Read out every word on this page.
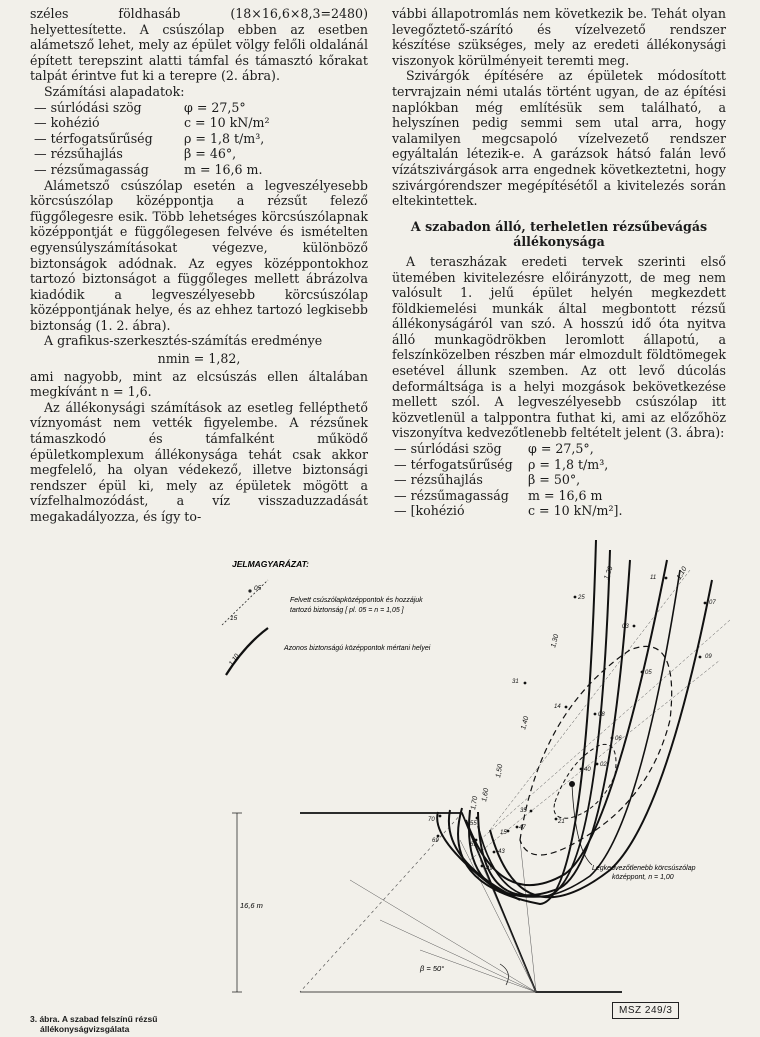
széles földhasáb (18×16,6×8,3=2480) helyettesítette. A csúszólap ebben az esetben alámetsző lehet, mely az épület völgy felőli oldalánál épített terepszint alatti támfal és támasztó kőrakat talpát érintve fut ki a terepre (2. ábra).

Számítási alapadatok:

— súrlódási szög	φ = 27,5°
— kohézió	c = 10 kN/m²
— térfogatsűrűség	ρ = 1,8 t/m³,
— rézsűhajlás	β = 46°,
— rézsűmagasság	m = 16,6 m.

Alámetsző csúszólap esetén a legveszélyesebb körcsúszólap középpontja a rézsűt felező függőlegesre esik. Több lehetséges körcsúszólapnak középpontját e függőlegesen felvéve és ismételten egyensúlyszámításokat végezve, különböző biztonságok adódnak. Az egyes középpontokhoz tartozó biztonságot a függőleges mellett ábrázolva kiadódik a legveszélyesebb körcsúszólap középpontjának helye, és az ehhez tartozó legkisebb biztonság (1. 2. ábra).

A grafikus-szerkesztés-számítás eredménye

nmin = 1,82,

ami nagyobb, mint az elcsúszás ellen általában megkívánt n = 1,6.

Az állékonysági számítások az esetleg fellépthető víznyomást nem vették figyelembe. A rézsűnek támaszkodó és támfalként működő épületkomplexum állékonysága tehát csak akkor megfelelő, ha olyan védekező, illetve biztonsági rendszer épül ki, mely az épületek mögött a vízfelhalmozódást, a víz visszaduzzadását megakadályozza, és így to-

vábbi állapotromlás nem következik be. Tehát olyan levegőztető-szárító és vízelvezető rendszer készítése szükséges, mely az eredeti állékonysági viszonyok körülményeit teremti meg.

Szivárgók építésére az épületek módosított tervrajzain némi utalás történt ugyan, de az építési naplókban még említésük sem található, a helyszínen pedig semmi sem utal arra, hogy valamilyen megcsapoló vízelvezető rendszer egyáltalán létezik-e. A garázsok hátsó falán levő vízátszivárgások arra engednek következtetni, hogy szivárgórendszer megépítésétől a kivitelezés során eltekintettek.

A szabadon álló, terheletlen rézsűbevágás állékonysága

A teraszházak eredeti tervek szerinti első ütemében kivitelezésre előirányzott, de meg nem valósult 1. jelű épület helyén megkezdett földkiemelési munkák által megbontott rézsű állékonyságáról van szó. A hosszú idő óta nyitva álló munkagödrökben leromlott állapotú, a felszínközelben részben már elmozdult földtömegek esetével állunk szemben. Az ott levő dúcolás deformáltsága is a helyi mozgások bekövetkezése mellett szól. A legveszélyesebb csúszólap itt közvetlenül a talppontra futhat ki, ami az előzőhöz viszonyítva kedvezőtlenebb feltételt jelent (3. ábra):

— súrlódási szög	φ = 27,5°,
— térfogatsűrűség	ρ = 1,8 t/m³,
— rézsűhajlás	β = 50°,
— rézsűmagasság	m = 16,6 m
— [kohézió	c = 10 kN/m²].
JELMAGYARÁZAT:
05
15
Felvett csúszólapközéppontok és hozzájuk
tartozó biztonság [ pl. 05 = n = 1,05 ]
1,10
Azonos biztonságú középpontok mértani helyei
16,6 m
β = 50°
1,70
1,60
1,50
1,40
1,30
1,20	1,10
25
31
14
05
07
11
09
03
70
55
47
35
21
15
61
49
43
69
40
02
06
08
Legkedvezőtlenebb körcsúszólap
középpont, n = 1,00
3. ábra. A szabad felszínű rézsű
állékonyságvizsgálata
MSZ 249/3
